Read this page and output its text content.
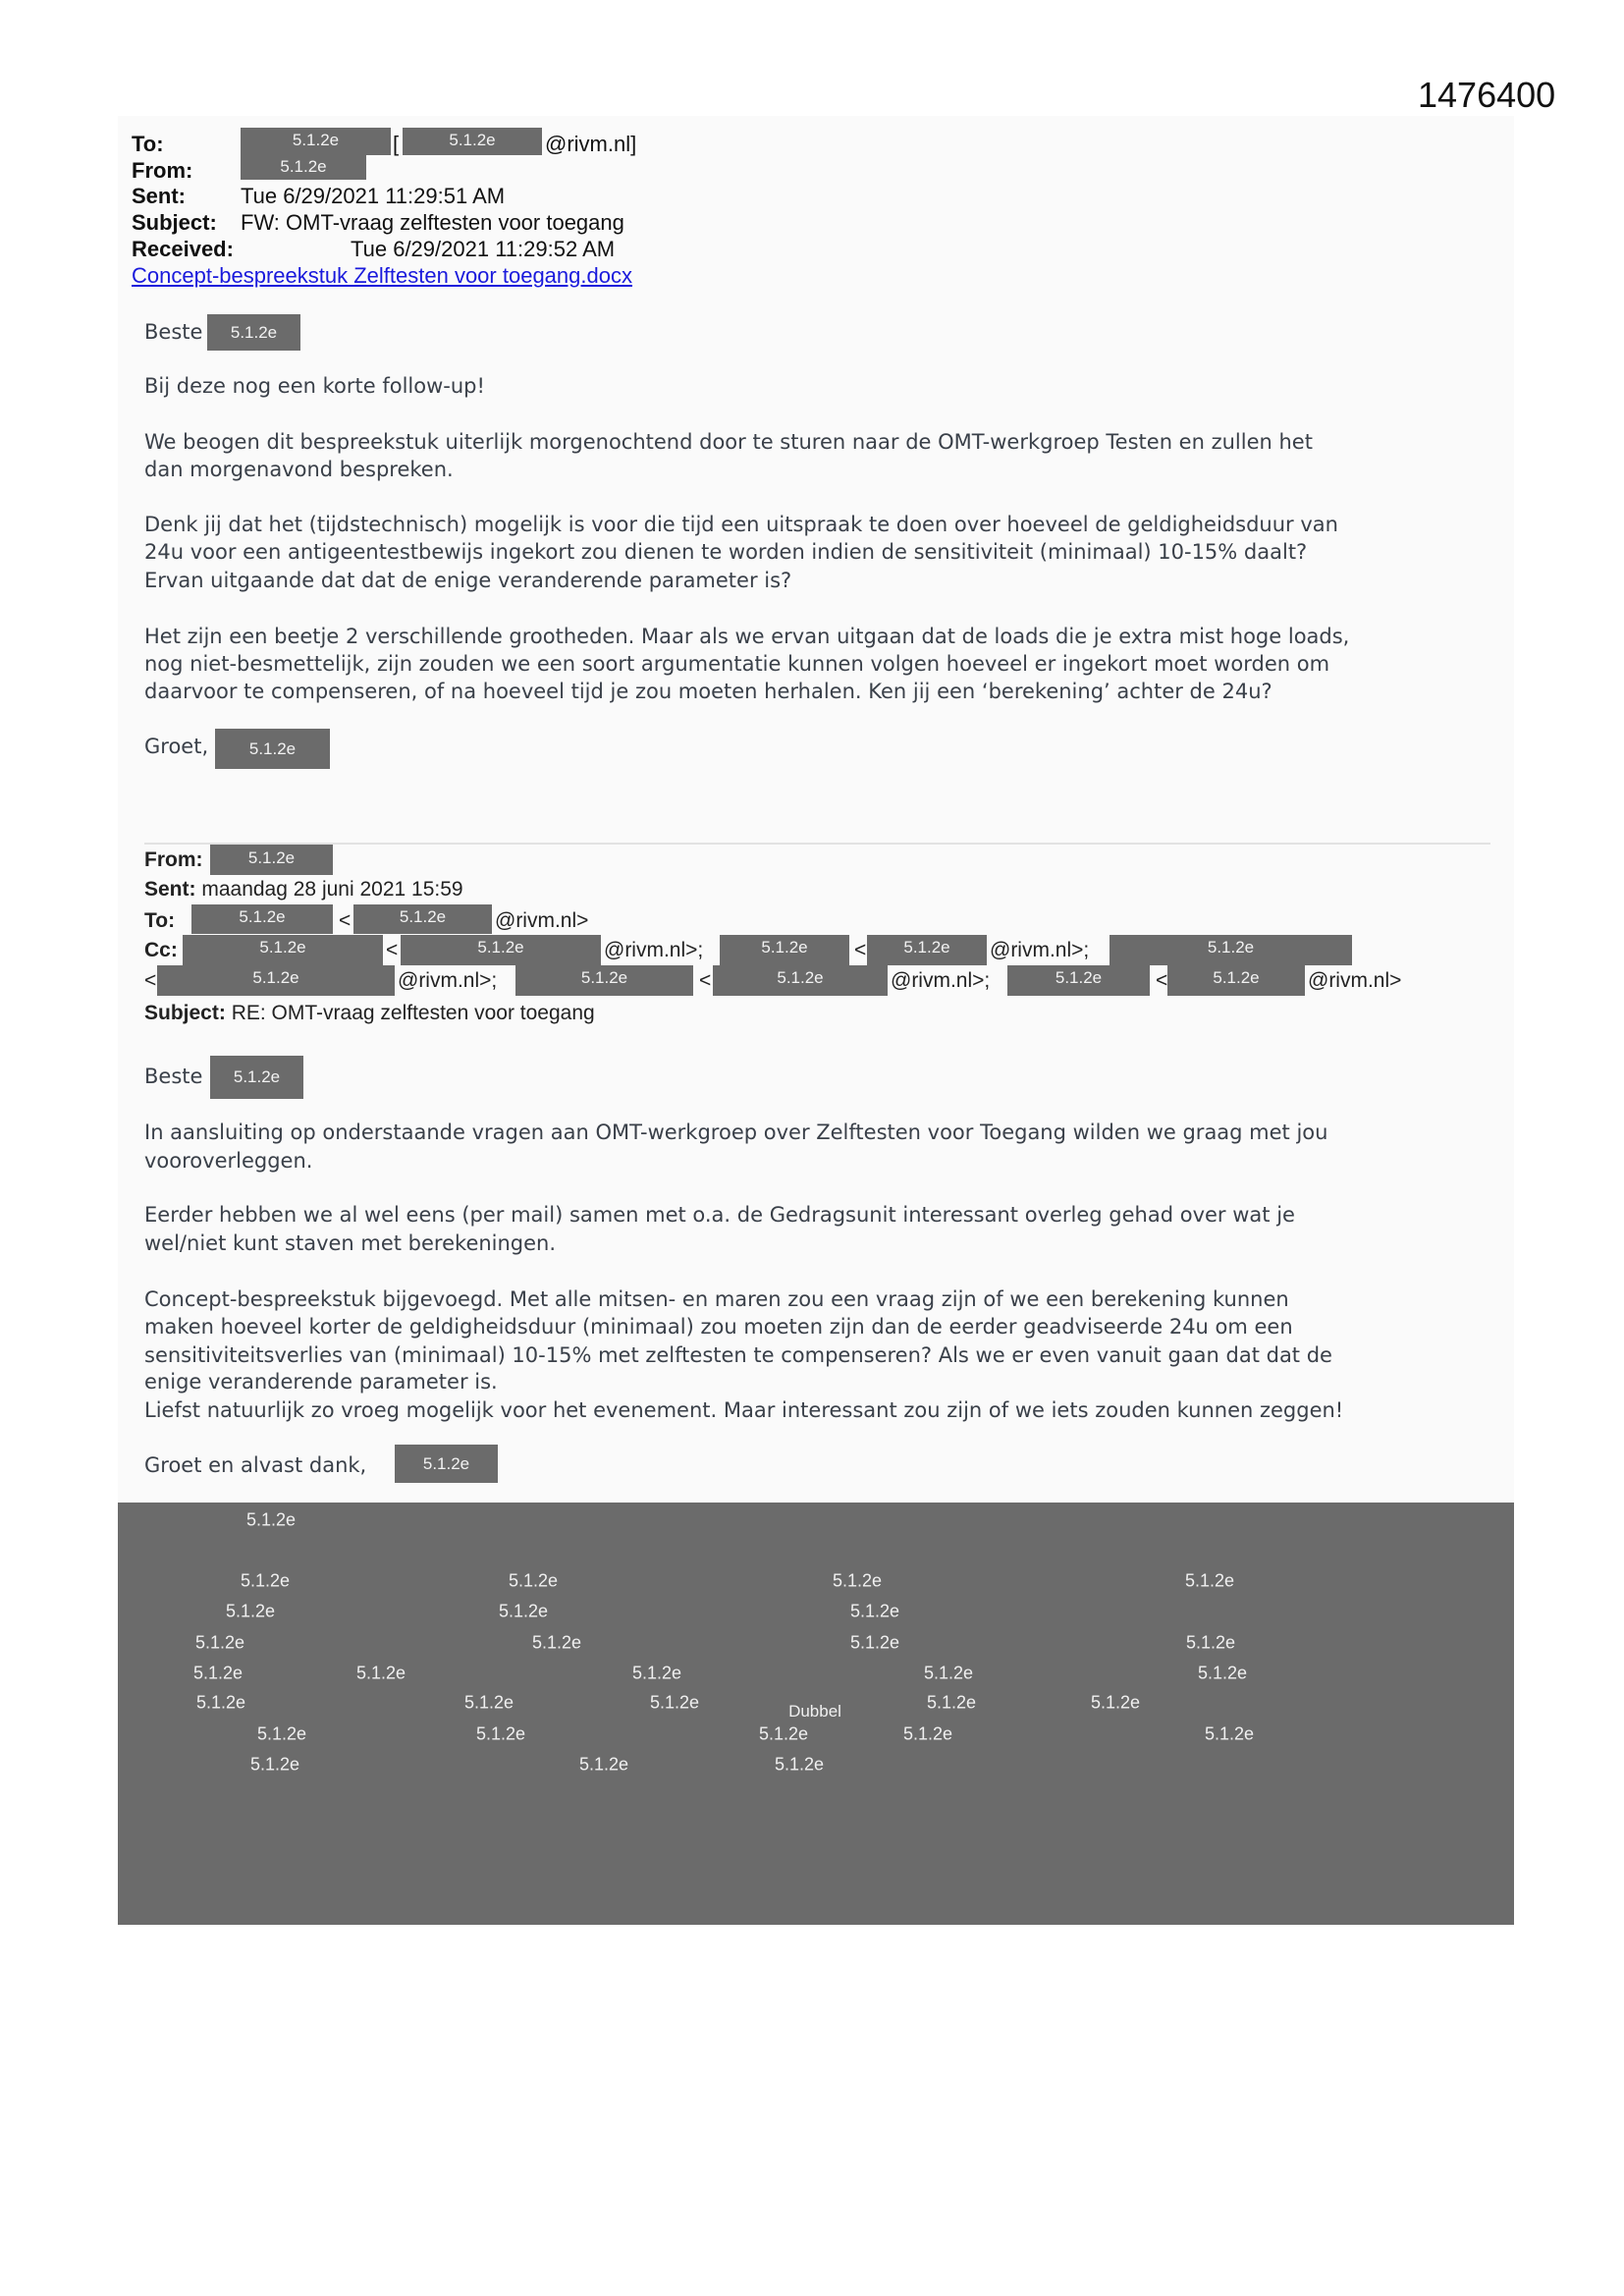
1476400
To:	5.1.2e	[	5.1.2e	@rivm.nl]
From:	5.1.2e
Sent:	Tue 6/29/2021 11:29:51 AM
Subject: FW: OMT-vraag zelftesten voor toegang
Received:	Tue 6/29/2021 11:29:52 AM
Concept-bespreekstuk Zelftesten voor toegang.docx
Beste	5.1.2e
Bij deze nog een korte follow-up!
We beogen dit bespreekstuk uiterlijk morgenochtend door te sturen naar de OMT-werkgroep Testen en zullen het
dan morgenavond bespreken.
Denk jij dat het (tijdstechnisch) mogelijk is voor die tijd een uitspraak te doen over hoeveel de geldigheidsduur van
24u voor een antigeentestbewijs ingekort zou dienen te worden indien de sensitiviteit (minimaal) 10-15% daalt?
Ervan uitgaande dat dat de enige veranderende parameter is?
Het zijn een beetje 2 verschillende grootheden. Maar als we ervan uitgaan dat de loads die je extra mist hoge loads,
nog niet-besmettelijk, zijn zouden we een soort argumentatie kunnen volgen hoeveel er ingekort moet worden om
daarvoor te compenseren, of na hoeveel tijd je zou moeten herhalen. Ken jij een ‘berekening’ achter de 24u?
Groet,	5.1.2e
From:	5.1.2e
Sent: maandag 28 juni 2021 15:59
To:	5.1.2e	<	5.1.2e	@rivm.nl>
Cc:	5.1.2e	<	5.1.2e	@rivm.nl>;	5.1.2e	<	5.1.2e	@rivm.nl>;	5.1.2e
<	5.1.2e	@rivm.nl>;	5.1.2e	<	5.1.2e	@rivm.nl>;	5.1.2e	<	5.1.2e	@rivm.nl>
Subject: RE: OMT-vraag zelftesten voor toegang
Beste	5.1.2e
In aansluiting op onderstaande vragen aan OMT-werkgroep over Zelftesten voor Toegang wilden we graag met jou
vooroverleggen.
Eerder hebben we al wel eens (per mail) samen met o.a. de Gedragsunit interessant overleg gehad over wat je
wel/niet kunt staven met berekeningen.
Concept-bespreekstuk bijgevoegd. Met alle mitsen- en maren zou een vraag zijn of we een berekening kunnen
maken hoeveel korter de geldigheidsduur (minimaal) zou moeten zijn dan de eerder geadviseerde 24u om een
sensitiviteitsverlies van (minimaal) 10-15% met zelftesten te compenseren? Als we er even vanuit gaan dat dat de
enige veranderende parameter is.
Liefst natuurlijk zo vroeg mogelijk voor het evenement. Maar interessant zou zijn of we iets zouden kunnen zeggen!
Groet en alvast dank,	5.1.2e
5.1.2e
5.1.2e	5.1.2e	5.1.2e	5.1.2e
5.1.2e	5.1.2e	5.1.2e
5.1.2e	5.1.2e	5.1.2e	5.1.2e
5.1.2e	5.1.2e	5.1.2e	5.1.2e	5.1.2e
5.1.2e	5.1.2e	5.1.2e	5.1.2e	5.1.2e
5.1.2e	5.1.2e	5.1.2e	5.1.2e	5.1.2e
5.1.2e	5.1.2e	5.1.2e
Dubbel
